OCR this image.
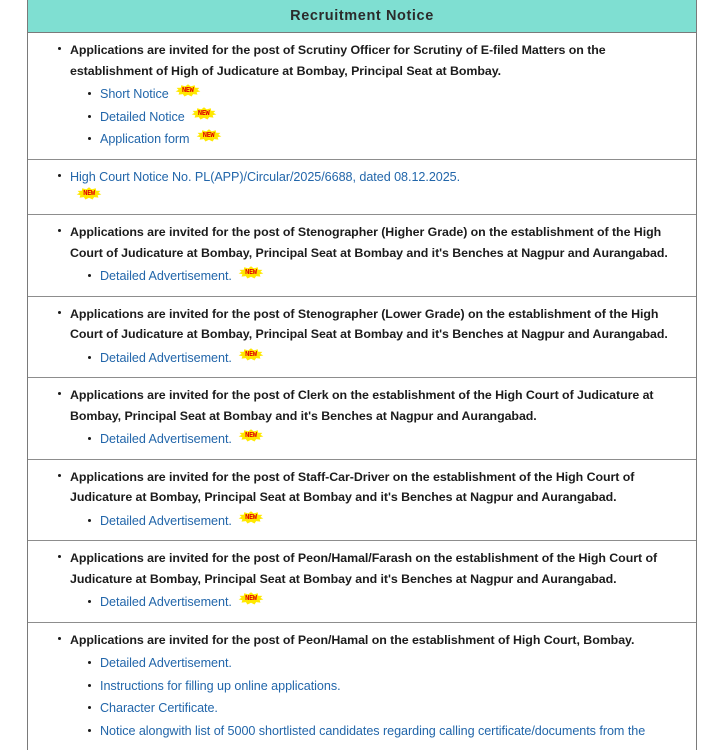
Recruitment Notice
Applications are invited for the post of Scrutiny Officer for Scrutiny of E-filed Matters on the establishment of High of Judicature at Bombay, Principal Seat at Bombay.
Short Notice	NEW
Detailed Notice	NEW
Application form	NEW
High Court Notice No. PL(APP)/Circular/2025/6688, dated 08.12.2025.
NEW
Applications are invited for the post of Stenographer (Higher Grade) on the establishment of the High Court of Judicature at Bombay, Principal Seat at Bombay and it's Benches at Nagpur and Aurangabad.
Detailed Advertisement.	NEW
Applications are invited for the post of Stenographer (Lower Grade) on the establishment of the High Court of Judicature at Bombay, Principal Seat at Bombay and it's Benches at Nagpur and Aurangabad.
Detailed Advertisement.	NEW
Applications are invited for the post of Clerk on the establishment of the High Court of Judicature at Bombay, Principal Seat at Bombay and it's Benches at Nagpur and Aurangabad.
Detailed Advertisement.	NEW
Applications are invited for the post of Staff-Car-Driver on the establishment of the High Court of Judicature at Bombay, Principal Seat at Bombay and it's Benches at Nagpur and Aurangabad.
Detailed Advertisement.	NEW
Applications are invited for the post of Peon/Hamal/Farash on the establishment of the High Court of Judicature at Bombay, Principal Seat at Bombay and it's Benches at Nagpur and Aurangabad.
Detailed Advertisement.	NEW
Applications are invited for the post of Peon/Hamal on the establishment of High Court, Bombay.
Detailed Advertisement.
Instructions for filling up online applications.
Character Certificate.
Notice alongwith list of 5000 shortlisted candidates regarding calling certificate/documents from the
